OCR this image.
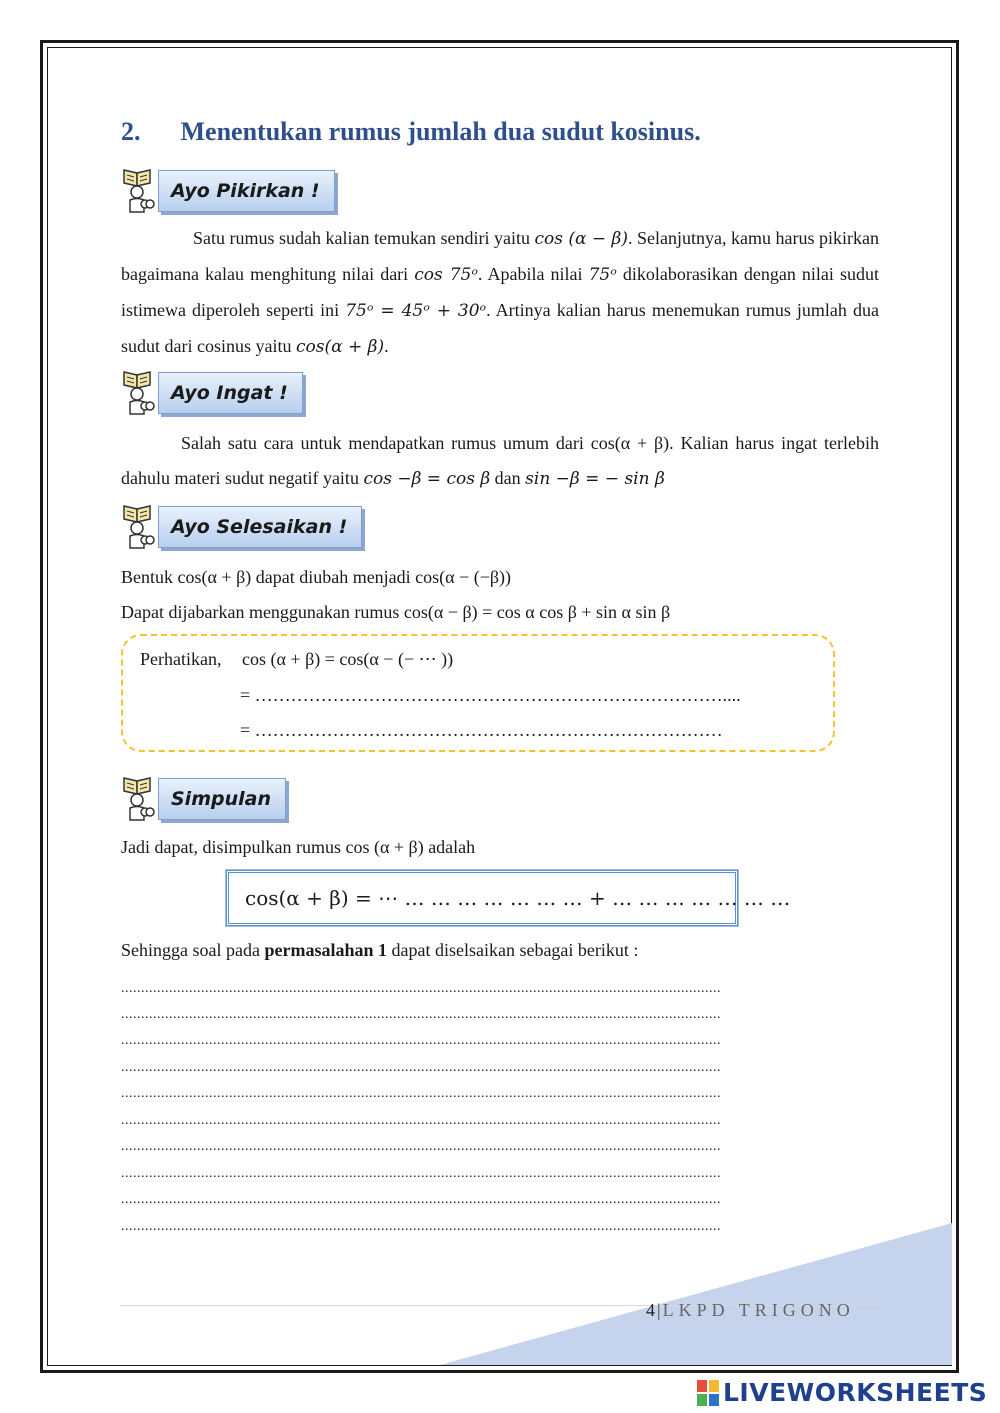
2. Menentukan rumus jumlah dua sudut kosinus.
Ayo Pikirkan !
Satu rumus sudah kalian temukan sendiri yaitu cos (α − β). Selanjutnya, kamu harus pikirkan bagaimana kalau menghitung nilai dari cos 75ᵒ. Apabila nilai 75ᵒ dikolaborasikan dengan nilai sudut istimewa diperoleh seperti ini 75ᵒ = 45ᵒ + 30ᵒ. Artinya kalian harus menemukan rumus jumlah dua sudut dari cosinus yaitu cos(α + β).
Ayo Ingat !
Salah satu cara untuk mendapatkan rumus umum dari cos(α + β). Kalian harus ingat terlebih dahulu materi sudut negatif yaitu cos −β = cos β dan sin −β = − sin β
Ayo Selesaikan !
Bentuk cos(α + β) dapat diubah menjadi cos(α − (−β))
Dapat dijabarkan menggunakan rumus cos(α − β) = cos α cos β + sin α sin β
Perhatikan, cos (α + β) = cos(α − (− ⋯ ))
= ……………………………………………………………………....
= ……………………………………………………………………
Simpulan
Jadi dapat, disimpulkan rumus cos (α + β) adalah
cos(α + β) = ⋯ … … … … … … … + … … … … … … …
Sehingga soal pada permasalahan 1 dapat diselsaikan sebagai berikut :
......................................................................................................................................................
......................................................................................................................................................
......................................................................................................................................................
......................................................................................................................................................
......................................................................................................................................................
......................................................................................................................................................
......................................................................................................................................................
......................................................................................................................................................
......................................................................................................................................................
......................................................................................................................................................
4 | LKPD TRIGONO
LIVEWORKSHEETS
